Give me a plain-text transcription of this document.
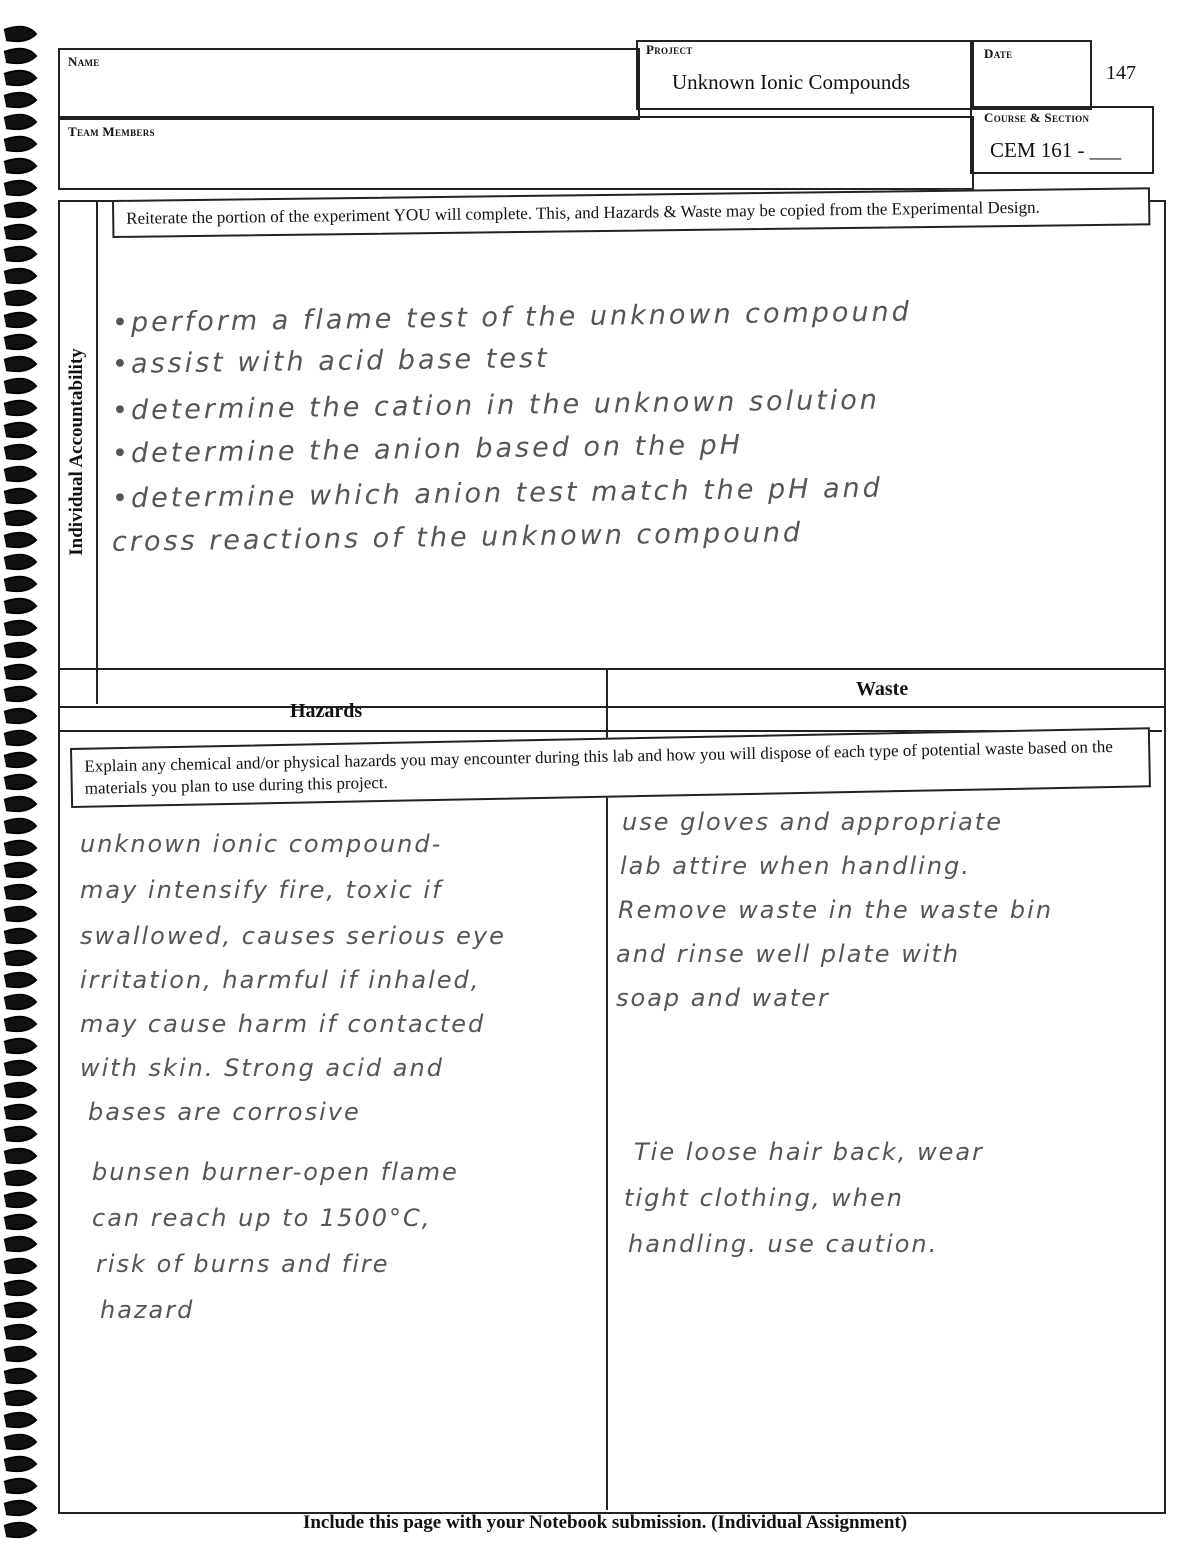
Name
Project
Unknown Ionic Compounds
Date
147
Team Members
Course & Section
CEM 161 - ___
Individual Accountability
Reiterate the portion of the experiment YOU will complete. This, and Hazards & Waste may be copied from the Experimental Design.
•perform a flame test of the unknown compound
•assist with acid base test
•determine the cation in the unknown solution
•determine the anion based on the pH
•determine which anion test match the pH and
cross reactions of the unknown compound
Hazards
Waste
Explain any chemical and/or physical hazards you may encounter during this lab and how you will dispose of each type of potential waste based on the materials you plan to use during this project.
unknown ionic compound-
may intensify fire, toxic if
swallowed, causes serious eye
irritation, harmful if inhaled,
may cause harm if contacted
with skin. Strong acid and
bases are corrosive
bunsen burner-open flame
can reach up to 1500°C,
risk of burns and fire
hazard
use gloves and appropriate
lab attire when handling.
Remove waste in the waste bin
and rinse well plate with
soap and water
Tie loose hair back, wear
tight clothing, when
handling. use caution.
Include this page with your Notebook submission. (Individual Assignment)
